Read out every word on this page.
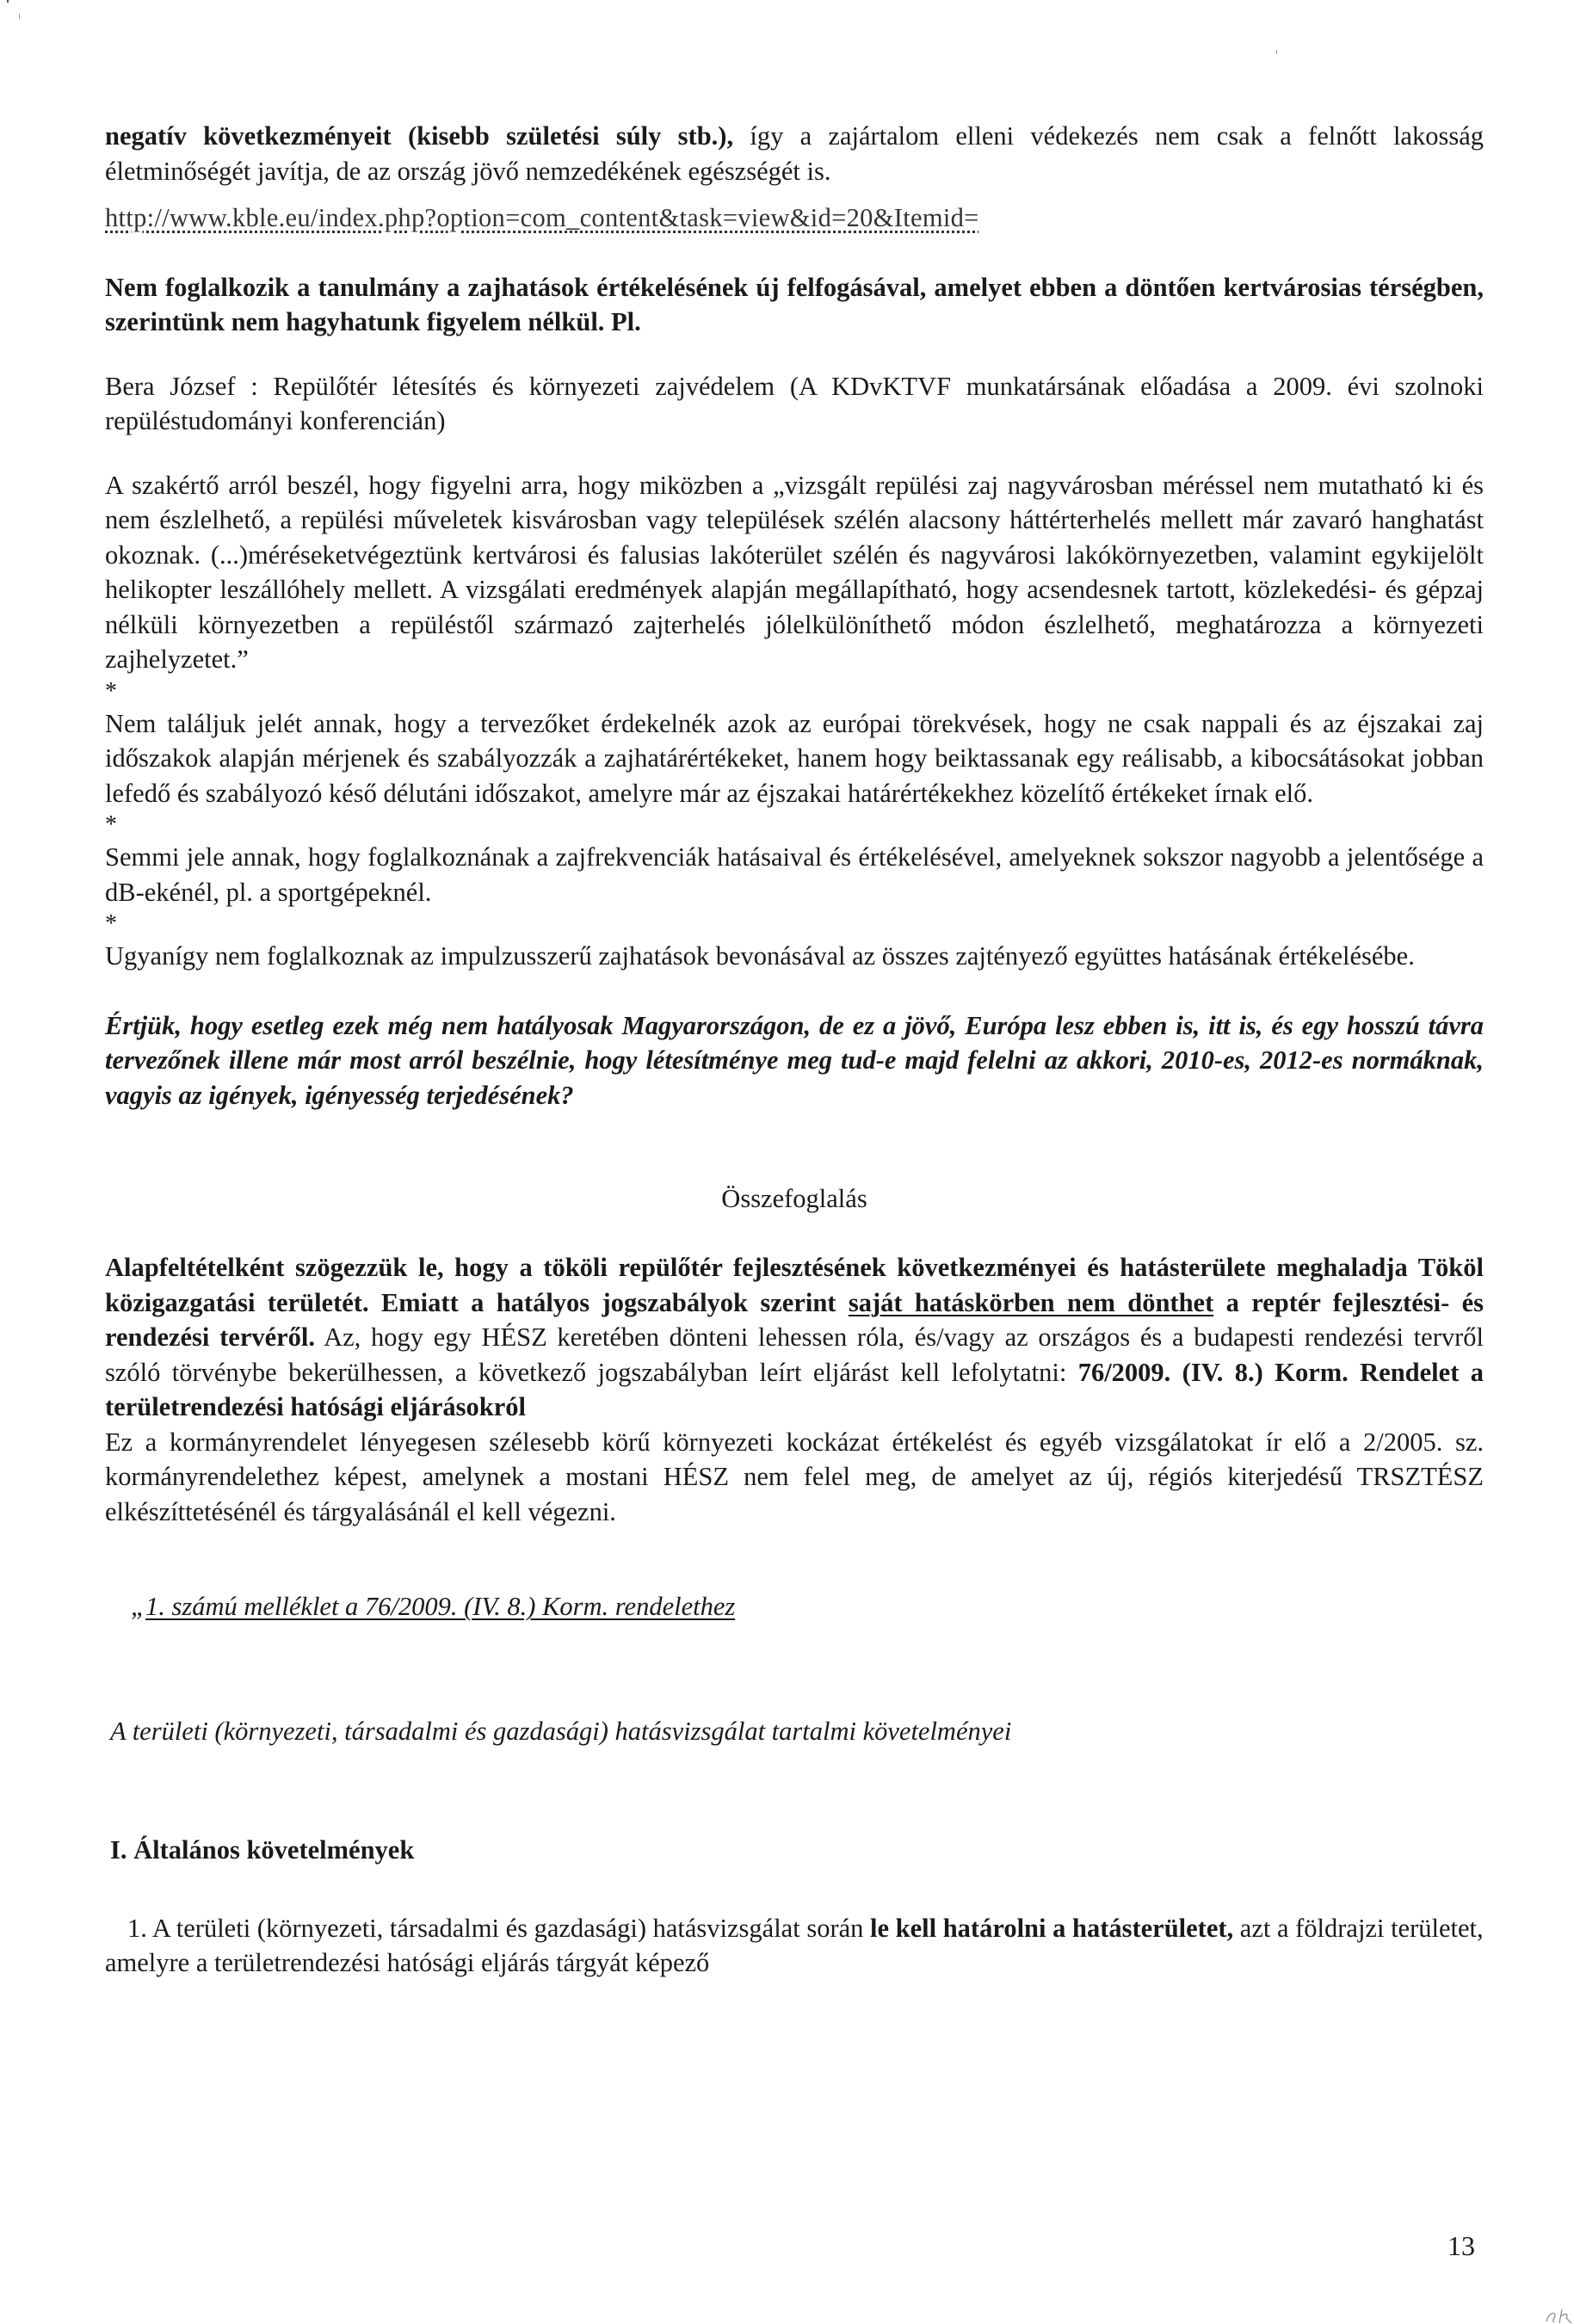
negatív következményeit (kisebb születési súly stb.), így a zajártalom elleni védekezés nem csak a felnőtt lakosság életminőségét javítja, de az ország jövő nemzedékének egészségét is.

http://www.kble.eu/index.php?option=com_content&task=view&id=20&Itemid=

Nem foglalkozik a tanulmány a zajhatások értékelésének új felfogásával, amelyet ebben a döntően kertvárosias térségben, szerintünk nem hagyhatunk figyelem nélkül. Pl.

Bera József : Repülőtér létesítés és környezeti zajvédelem (A KDvKTVF munkatársának előadása a 2009. évi szolnoki repüléstudományi konferencián)

A szakértő arról beszél, hogy figyelni arra, hogy miközben a „vizsgált repülési zaj nagyvárosban méréssel nem mutatható ki és nem észlelhető, a repülési műveletek kisvárosban vagy települések szélén alacsony háttérterhelés mellett már zavaró hanghatást okoznak. (...)méréseketvégeztünk kertvárosi és falusias lakóterület szélén és nagyvárosi lakókörnyezetben, valamint egykijelölt helikopter leszállóhely mellett. A vizsgálati eredmények alapján megállapítható, hogy acsendesnek tartott, közlekedési- és gépzaj nélküli környezetben a repüléstől származó zajterhelés jólelkülöníthető módon észlelhető, meghatározza a környezeti zajhelyzetet.”

*

Nem találjuk jelét annak, hogy a tervezőket érdekelnék azok az európai törekvések, hogy ne csak nappali és az éjszakai zaj időszakok alapján mérjenek és szabályozzák a zajhatárértékeket, hanem hogy beiktassanak egy reálisabb, a kibocsátásokat jobban lefedő és szabályozó késő délutáni időszakot, amelyre már az éjszakai határértékekhez közelítő értékeket írnak elő.

*

Semmi jele annak, hogy foglalkoznának a zajfrekvenciák hatásaival és értékelésével, amelyeknek sokszor nagyobb a jelentősége a dB-ekénél, pl. a sportgépeknél.

*

Ugyanígy nem foglalkoznak az impulzusszerű zajhatások bevonásával az összes zajtényező együttes hatásának értékelésébe.

Értjük, hogy esetleg ezek még nem hatályosak Magyarországon, de ez a jövő, Európa lesz ebben is, itt is, és egy hosszú távra tervezőnek illene már most arról beszélnie, hogy létesítménye meg tud-e majd felelni az akkori, 2010-es, 2012-es normáknak, vagyis az igények, igényesség terjedésének?

Összefoglalás

Alapfeltételként szögezzük le, hogy a tököli repülőtér fejlesztésének következményei és hatásterülete meghaladja Tököl közigazgatási területét. Emiatt a hatályos jogszabályok szerint saját hatáskörben nem dönthet a reptér fejlesztési- és rendezési tervéről. Az, hogy egy HÉSZ keretében dönteni lehessen róla, és/vagy az országos és a budapesti rendezési tervről szóló törvénybe bekerülhessen, a következő jogszabályban leírt eljárást kell lefolytatni: 76/2009. (IV. 8.) Korm. Rendelet a területrendezési hatósági eljárásokról

Ez a kormányrendelet lényegesen szélesebb körű környezeti kockázat értékelést és egyéb vizsgálatokat ír elő a 2/2005. sz. kormányrendelethez képest, amelynek a mostani HÉSZ nem felel meg, de amelyet az új, régiós kiterjedésű TRSZTÉSZ elkészíttetésénél és tárgyalásánál el kell végezni.

„1. számú melléklet a 76/2009. (IV. 8.) Korm. rendelethez

A területi (környezeti, társadalmi és gazdasági) hatásvizsgálat tartalmi követelményei

I. Általános követelmények

1. A területi (környezeti, társadalmi és gazdasági) hatásvizsgálat során le kell határolni a hatásterületet, azt a földrajzi területet, amelyre a területrendezési hatósági eljárás tárgyát képező

13
